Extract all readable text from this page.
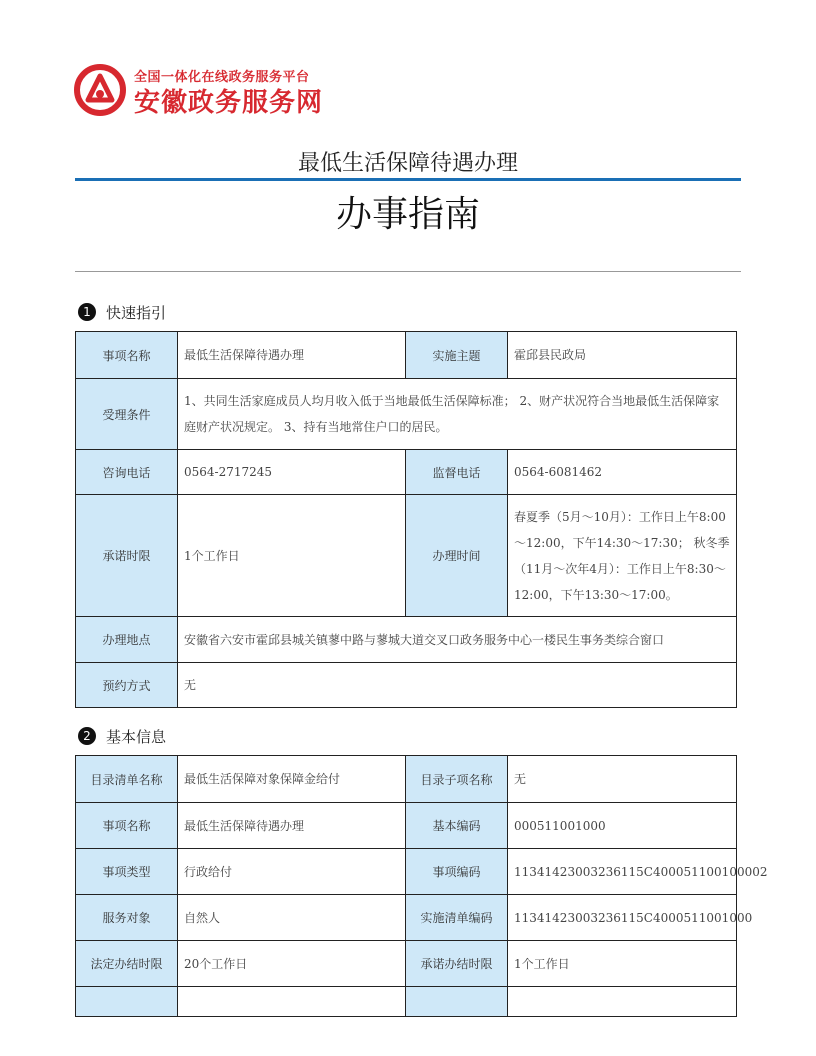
全国一体化在线政务服务平台
安徽政务服务网
最低生活保障待遇办理
办事指南
1	快速指引
事项名称	最低生活保障待遇办理	实施主题	霍邱县民政局
受理条件	1、共同生活家庭成员人均月收入低于当地最低生活保障标准； 2、财产状况符合当地最低生活保障家庭财产状况规定。 3、持有当地常住户口的居民。		
咨询电话	0564-2717245	监督电话	0564-6081462
承诺时限	1个工作日	办理时间	春夏季（5月～10月）：工作日上午8:00～12:00，下午14:30～17:30； 秋冬季（11月～次年4月）：工作日上午8:30～12:00，下午13:30～17:00。
办理地点	安徽省六安市霍邱县城关镇蓼中路与蓼城大道交叉口政务服务中心一楼民生事务类综合窗口		
预约方式	无		
2	基本信息
目录清单名称	最低生活保障对象保障金给付	目录子项名称	无
事项名称	最低生活保障待遇办理	基本编码	000511001000
事项类型	行政给付	事项编码	11341423003236115C400051100100002
服务对象	自然人	实施清单编码	11341423003236115C4000511001000
法定办结时限	20个工作日	承诺办结时限	1个工作日
